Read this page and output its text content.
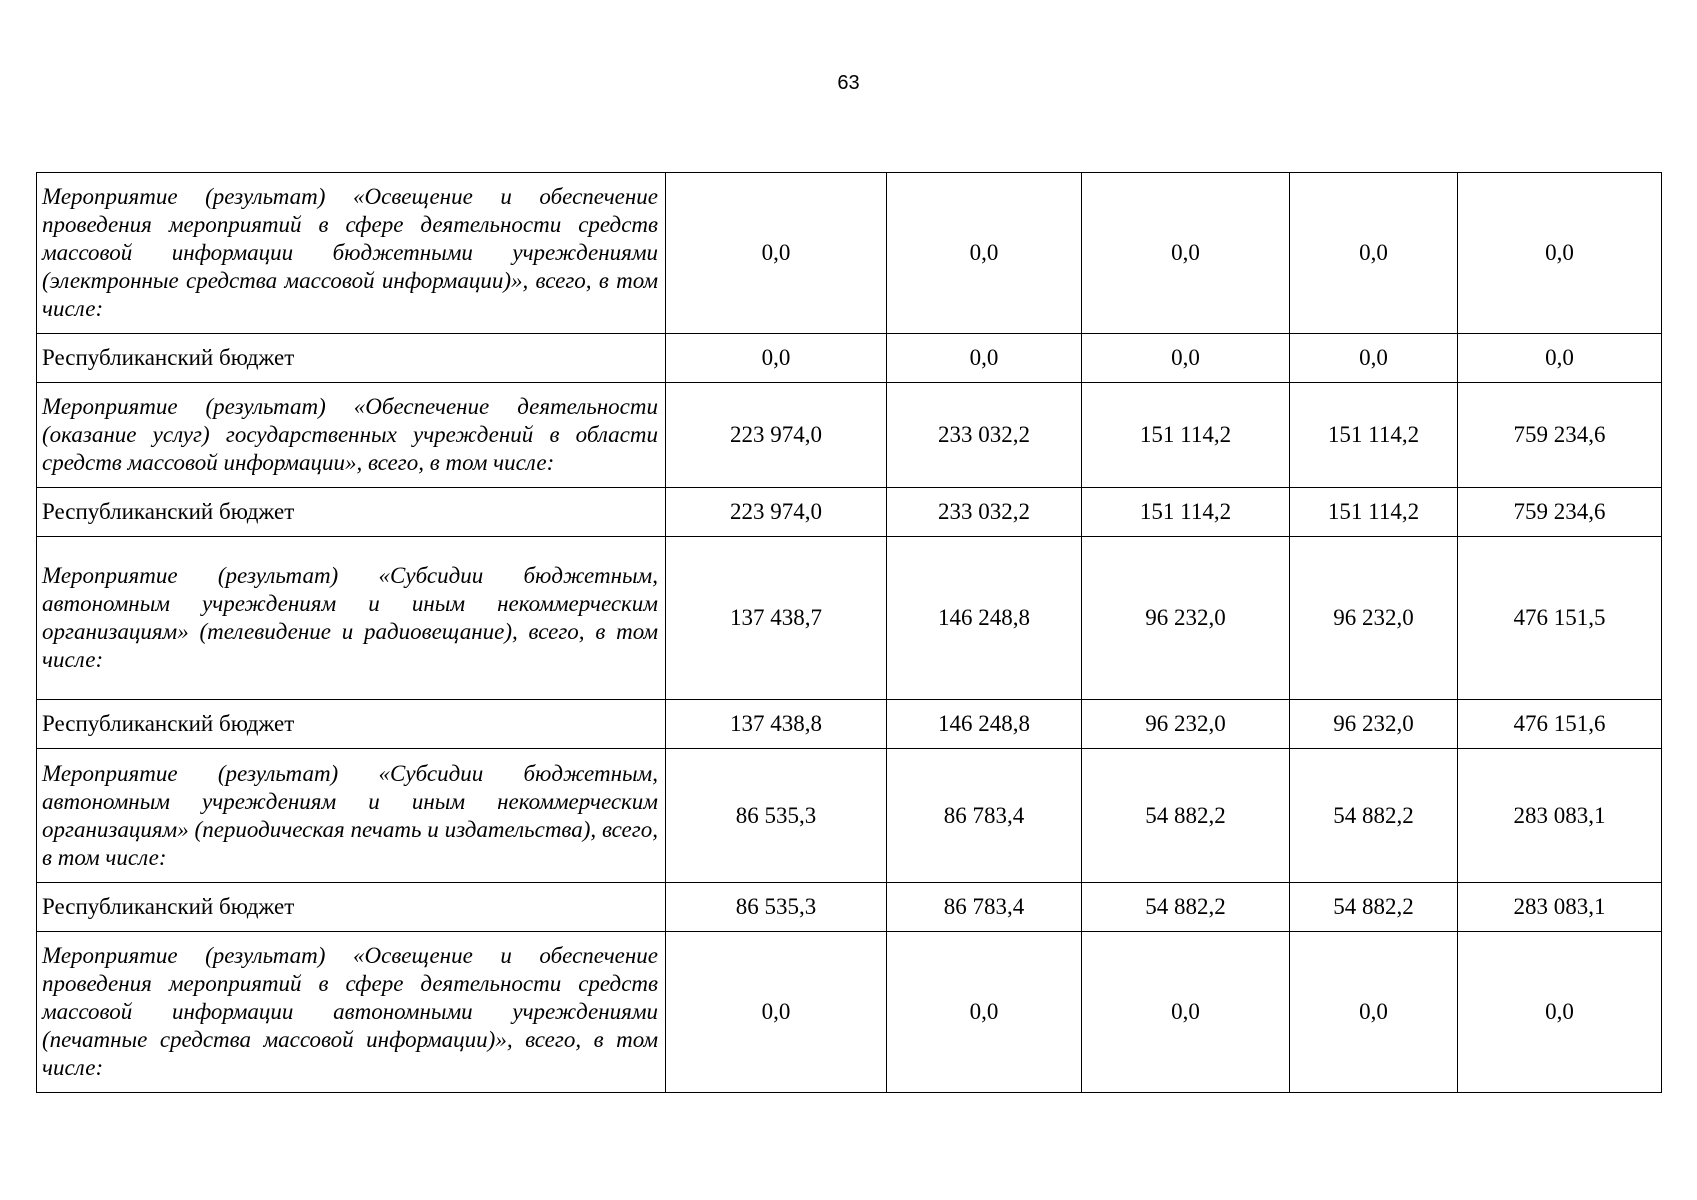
63
Мероприятие (результат) «Освещение и обеспечение проведения мероприятий в сфере деятельности средств массовой информации бюджетными учреждениями (электронные средства массовой информации)», всего, в том числе:	0,0	0,0	0,0	0,0	0,0
Республиканский бюджет	0,0	0,0	0,0	0,0	0,0
Мероприятие (результат) «Обеспечение деятельности (оказание услуг) государственных учреждений в области средств массовой информации», всего, в том числе:	223 974,0	233 032,2	151 114,2	151 114,2	759 234,6
Республиканский бюджет	223 974,0	233 032,2	151 114,2	151 114,2	759 234,6
Мероприятие (результат) «Субсидии бюджетным, автономным учреждениям и иным некоммерческим организациям» (телевидение и радиовещание), всего, в том числе:	137 438,7	146 248,8	96 232,0	96 232,0	476 151,5
Республиканский бюджет	137 438,8	146 248,8	96 232,0	96 232,0	476 151,6
Мероприятие (результат) «Субсидии бюджетным, автономным учреждениям и иным некоммерческим организациям» (периодическая печать и издательства), всего, в том числе:	86 535,3	86 783,4	54 882,2	54 882,2	283 083,1
Республиканский бюджет	86 535,3	86 783,4	54 882,2	54 882,2	283 083,1
Мероприятие (результат) «Освещение и обеспечение проведения мероприятий в сфере деятельности средств массовой информации автономными учреждениями (печатные средства массовой информации)», всего, в том числе:	0,0	0,0	0,0	0,0	0,0
